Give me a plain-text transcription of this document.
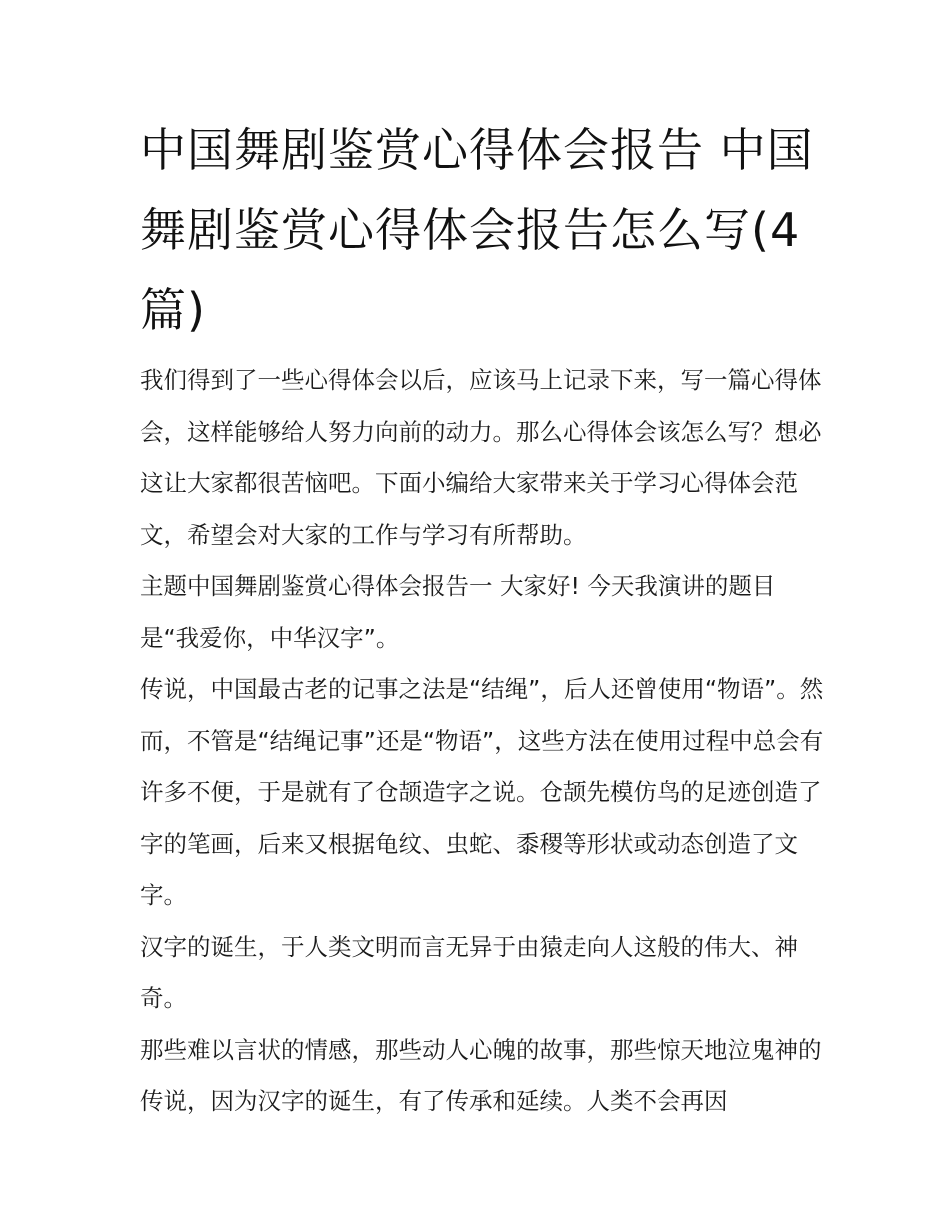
中国舞剧鉴赏心得体会报告 中国舞剧鉴赏心得体会报告怎么写(4篇)

我们得到了一些心得体会以后，应该马上记录下来，写一篇心得体会，这样能够给人努力向前的动力。那么心得体会该怎么写？想必这让大家都很苦恼吧。下面小编给大家带来关于学习心得体会范文，希望会对大家的工作与学习有所帮助。

主题中国舞剧鉴赏心得体会报告一 大家好! 今天我演讲的题目是“我爱你，中华汉字”。

传说，中国最古老的记事之法是“结绳”，后人还曾使用“物语”。然而，不管是“结绳记事”还是“物语”，这些方法在使用过程中总会有许多不便，于是就有了仓颉造字之说。仓颉先模仿鸟的足迹创造了字的笔画，后来又根据龟纹、虫蛇、黍稷等形状或动态创造了文字。

汉字的诞生，于人类文明而言无异于由猿走向人这般的伟大、神奇。

那些难以言状的情感，那些动人心魄的故事，那些惊天地泣鬼神的传说，因为汉字的诞生，有了传承和延续。人类不会再因
